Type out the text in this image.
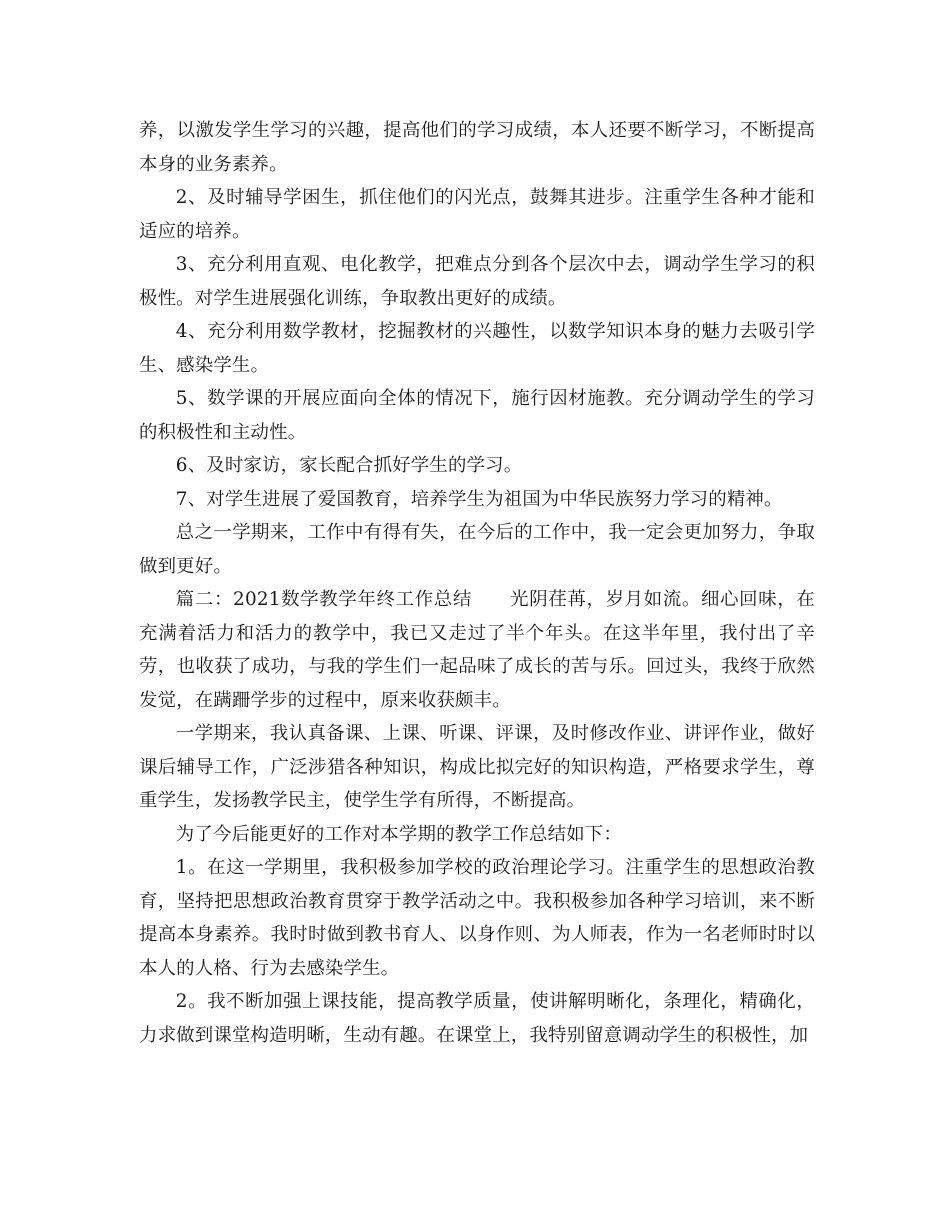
养，以激发学生学习的兴趣，提高他们的学习成绩，本人还要不断学习，不断提高本身的业务素养。

2、及时辅导学困生，抓住他们的闪光点，鼓舞其进步。注重学生各种才能和适应的培养。

3、充分利用直观、电化教学，把难点分到各个层次中去，调动学生学习的积极性。对学生进展强化训练，争取教出更好的成绩。

4、充分利用数学教材，挖掘教材的兴趣性，以数学知识本身的魅力去吸引学生、感染学生。

5、数学课的开展应面向全体的情况下，施行因材施教。充分调动学生的学习的积极性和主动性。

6、及时家访，家长配合抓好学生的学习。

7、对学生进展了爱国教育，培养学生为祖国为中华民族努力学习的精神。

总之一学期来，工作中有得有失，在今后的工作中，我一定会更加努力，争取做到更好。

篇二：2021数学教学年终工作总结　　光阴荏苒，岁月如流。细心回味，在充满着活力和活力的教学中，我已又走过了半个年头。在这半年里，我付出了辛劳，也收获了成功，与我的学生们一起品味了成长的苦与乐。回过头，我终于欣然发觉，在蹒跚学步的过程中，原来收获颇丰。

一学期来，我认真备课、上课、听课、评课，及时修改作业、讲评作业，做好课后辅导工作，广泛涉猎各种知识，构成比拟完好的知识构造，严格要求学生，尊重学生，发扬教学民主，使学生学有所得，不断提高。

为了今后能更好的工作对本学期的教学工作总结如下：

1。在这一学期里，我积极参加学校的政治理论学习。注重学生的思想政治教育，坚持把思想政治教育贯穿于教学活动之中。我积极参加各种学习培训，来不断提高本身素养。我时时做到教书育人、以身作则、为人师表，作为一名老师时时以本人的人格、行为去感染学生。

2。我不断加强上课技能，提高教学质量，使讲解明晰化，条理化，精确化，力求做到课堂构造明晰，生动有趣。在课堂上，我特别留意调动学生的积极性，加
